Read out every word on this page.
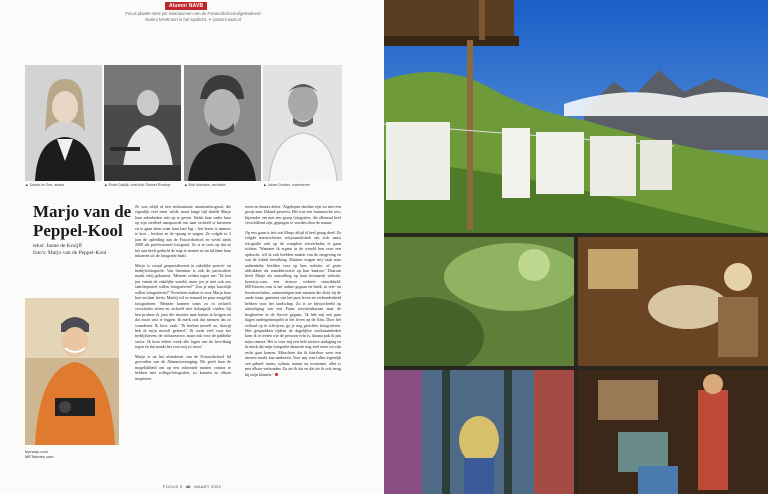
Alumni NAVB
Focus plaatst eens per kwartaal een van de Fotoacdschool-afgestudeerd
Alumni NAVB kort in het spotlicht. ✦ (alumni.navb.nl
▲ Sanne ter Zee, auteur	▲ Erwin Dadijk, chef-kok Gannet Rooftop	▲ Bob Manders, architect	▲ Johan Donker, onderneme
Marjo van de
Peppel-Kool
tekst: Janne de Kruijff
foto's: Marjo van de Peppel-Kool
bymarjo.com
METstories.com

Ze was altijd al een enthousiaste amateurfotograaf, die eigenlijk veel meer wilde, maar lange tijd durfde Marjo haar zekerheden niet op te geven. Nadat haar vader haar op zijn sterfbed aanspoorde om naar zichzelf te luisteren en te gaan doen waar haar hart ligt – het leven is immers te kort – besloot ze de sprong te wagen. Ze volgde in 3 jaar de opleiding aan de Fotoacdschool en werkt sinds 2008 als professioneel fotograaf. Ze is er trots op dat ze het aan heeft gedurfd de stap te nemen en nu fulltime haar inkomen uit de fotografie haalt.

Marjo is vooral gespecialiseerd in zakelijke portret- en bedrijfsfotografie. Van literatuur is ook de particuliere markt erbij gekomen. 'Mensen zeiden tegen me: "Ik ken jou vanuit de zakelijke wereld, maar jou je niet ook ons familieportret willen fotograferen?" Zou je mijn huwelijk willen fotograferen?" Portretten maken is voor Marjo haar kort en haar leven. Marbij wil ze iemand zo puur mogelijk fotograferen. 'Mensen kunnen soms zo in zichzelf verscholen zitten en zichzelf niet belangrijk vinden; bij hen probeer ik juist die emoties naar buiten te krijgen en dat mooi vast te leggen. Ik merk ook dat mensen dat zo waarderen. Ik hoor vaak: "Ik herken mezelf zo, doorjij heb ik mijn mezelf geleerd." Ik werk veel voor het bedrijfsleven, de cultuursector, maar ook voor de publieke sector. Ik kom iedere week alle lagen van de bevolking tegen en dat maakt het voor mij zo mooi.'

Marjo is na het afstuderen van de Fotoacdschool lid geworden van de Alumnivereniging. Dit geeft haar de mogelijkheid om op een informele manier contact te hebben met collega-fotografen, zo kunnen ze elkaar inspireren

reren en kennis delen. 'Afgelopen oktober zijn we met een groep naar IJsland geweest. Het was een fantastische reis; bijzonder om met een groep fotografen, die allemaal heel verschillend zijn, gepingen te worden door de natuur.'

Op reis gaan is iets wat Marjo altijd al heel graag deed. Ze volgde masterclasses reisjournalistiek om zich naast fotografie ook op de complete reisverhalen te gaan richten. 'Wanneer ik ergens in de wereld ben voor een opdracht, wil ik ook beelden maken van de omgeving en van de lokale bevolking. Klanten vragen mij vaak naar authentieke beelden voor op hun website, of grote afdrukken als wanddecoratie op hun kantoor.' Daarom heeft Marjo als aanvulling op haar bestaande website, bymarjo.com, een nieuwe website ontwikkeld: METstories.com is net online gegaan en biedt, in reis- en levensverhalen, ontmoetingen met mensen die dicht bij de aarde staan, genieten van het pure leven en verbondenheid hebben voor het landschap. Zo is ze bijvoorbeeld op uitnodiging van een Frans toeristenbureau naar de bergboeren in de Savoie gegaan. 'Ik heb mij een paar dagen ondergedompeld in het leven op de Alm. Door het verhaal op te schrijven, ga je nog gerichter fotograferen. Met gesprekken tijdens de dagelijkse werkzaamheden kom ik te weten wie de persoon echt is, daarna pak ik pas mijn camera. Het is voor mij een hele nieuwe uitdaging en ik merk dat mijn fotografie daarmee nog veel meer tot zijn recht gaat komen. Misschien dat ik hierdoor weer een nieuwe markt kan aanboren. Voor mij voert alles eigenlijk een geheel: mens, cultuur, natuur en economie, alles is met elkaar verbonden. Zo zie ik dat en dat zie ik ook terug bij mijn klanten.'

FOCUS 3 46 MAART 2020
